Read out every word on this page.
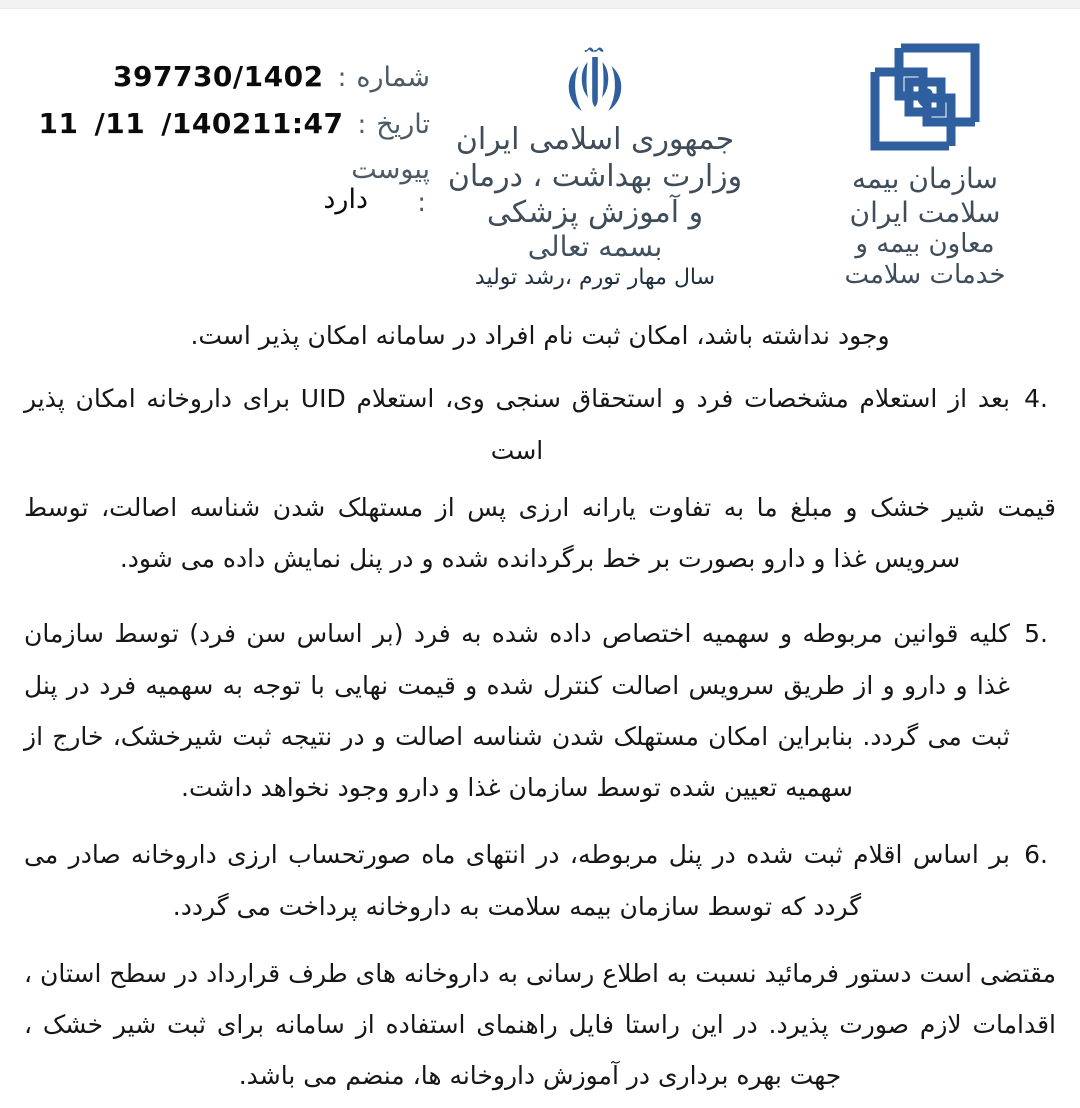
شماره
:
397730/1402
تاریخ
:
11 /11 /140211:47
پیوست
:
دارد
جمهوری اسلامی ایران
وزارت بهداشت ، درمان
و آموزش پزشکی
بسمه تعالی
سال مهار تورم ،رشد تولید
سازمان بیمه
سلامت ایران
معاون بیمه و
خدمات سلامت

وجود نداشته باشد، امکان ثبت نام افراد در سامانه امکان پذیر است.

4.
بعد از استعلام مشخصات فرد و استحقاق سنجی وی، استعلام UID برای داروخانه امکان پذیر است

قیمت شیر خشک و مبلغ ما به تفاوت یارانه ارزی پس از مستهلک شدن شناسه اصالت، توسط سرویس غذا و دارو بصورت بر خط برگردانده شده و در پنل نمایش داده می شود.

5.
کلیه قوانین مربوطه و سهمیه اختصاص داده شده به فرد (بر اساس سن فرد) توسط سازمان غذا و دارو و از طریق سرویس اصالت کنترل شده و قیمت نهایی با توجه به سهمیه فرد در پنل ثبت می گردد. بنابراین امکان مستهلک شدن شناسه اصالت و در نتیجه ثبت شیرخشک، خارج از سهمیه تعیین شده توسط سازمان غذا و دارو وجود نخواهد داشت.

6.
بر اساس اقلام ثبت شده در پنل مربوطه، در انتهای ماه صورتحساب ارزی داروخانه صادر می گردد که توسط سازمان بیمه سلامت به داروخانه پرداخت می گردد.

مقتضی است دستور فرمائید نسبت به اطلاع رسانی به داروخانه های طرف قرارداد در سطح استان ، اقدامات لازم صورت پذیرد. در این راستا فایل راهنمای استفاده از سامانه برای ثبت شیر خشک ، جهت بهره برداری در آموزش داروخانه ها، منضم می باشد.
